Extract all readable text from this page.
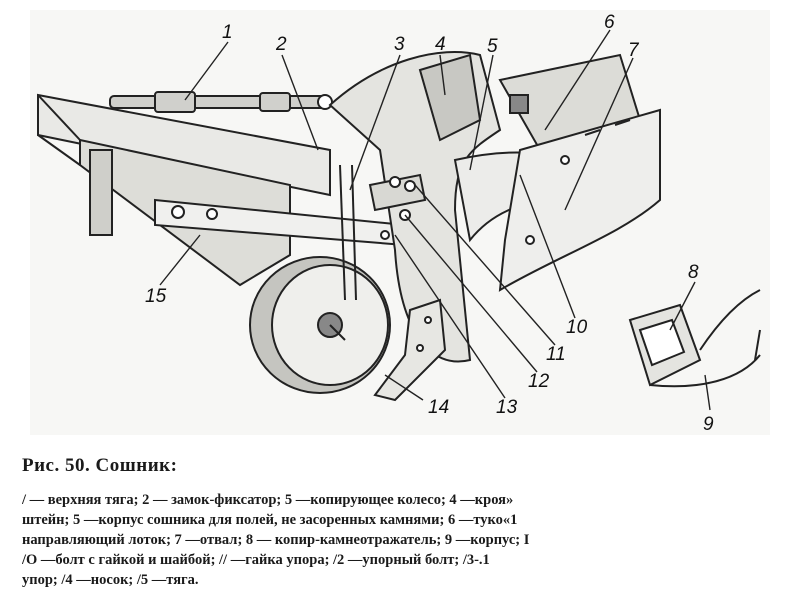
1
2	3 4 5
6
7
8
9
10
11
12
13
14
15
Рис. 50. Сошник:
/ — верхняя тяга; 2 — замок-фиксатор; 5 —копирующее колесо; 4 —кроя»
штейн; 5 —корпус сошника для полей, не засоренных камнями; 6 —туко«1
направляющий лоток; 7 —отвал; 8 — копир-камнеотражатель; 9 —корпус; I
/О —болт с гайкой и шайбой; // —гайка упора; /2 —упорный болт; /3-.1
упор; /4 —носок; /5 —тяга.
